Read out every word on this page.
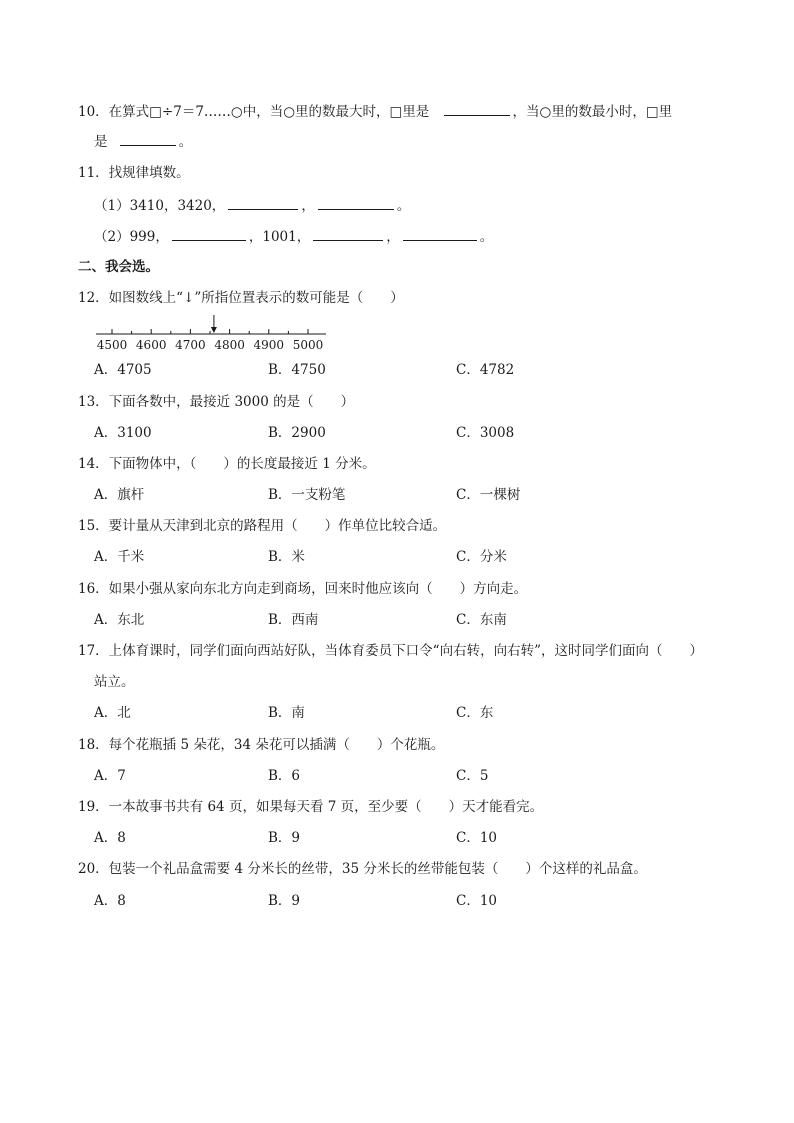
10．在算式□÷7＝7……○中，当○里的数最大时，□里是	，当○里的数最小时，□里
是	。
11．找规律填数。
（1）3410，3420，	，	。
（2）999，	，1001，	，	。
二、我会选。
12．如图数线上“↓”所指位置表示的数可能是（　　）
4500 4600 4700 4800 4900 5000
A．4705	B．4750	C．4782
13．下面各数中，最接近 3000 的是（　　）
A．3100	B．2900	C．3008
14．下面物体中，（　　）的长度最接近 1 分米。
A．旗杆	B．一支粉笔	C．一棵树
15．要计量从天津到北京的路程用（　　）作单位比较合适。
A．千米	B．米	C．分米
16．如果小强从家向东北方向走到商场，回来时他应该向（　　）方向走。
A．东北	B．西南	C．东南
17．上体育课时，同学们面向西站好队，当体育委员下口令“向右转，向右转”，这时同学们面向（　　）
站立。
A．北	B．南	C．东
18．每个花瓶插 5 朵花，34 朵花可以插满（　　）个花瓶。
A．7	B．6	C．5
19．一本故事书共有 64 页，如果每天看 7 页，至少要（　　）天才能看完。
A．8	B．9	C．10
20．包装一个礼品盒需要 4 分米长的丝带，35 分米长的丝带能包装（　　）个这样的礼品盒。
A．8	B．9	C．10
